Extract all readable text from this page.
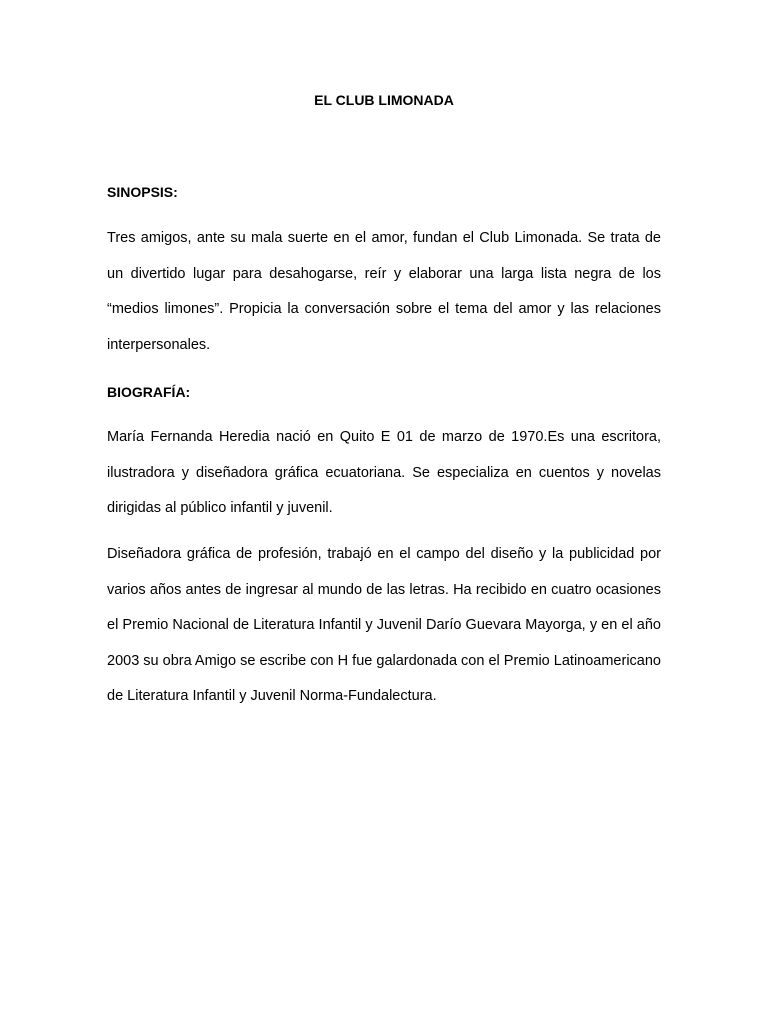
EL CLUB LIMONADA
SINOPSIS:

Tres amigos, ante su mala suerte en el amor, fundan el Club Limonada. Se trata de un divertido lugar para desahogarse, reír y elaborar una larga lista negra de los “medios limones”. Propicia la conversación sobre el tema del amor y las relaciones interpersonales.

BIOGRAFÍA:

María Fernanda Heredia nació en Quito E 01 de marzo de 1970.Es una escritora, ilustradora y diseñadora gráfica ecuatoriana. Se especializa en cuentos y novelas dirigidas al público infantil y juvenil.

Diseñadora gráfica de profesión, trabajó en el campo del diseño y la publicidad por varios años antes de ingresar al mundo de las letras. Ha recibido en cuatro ocasiones el Premio Nacional de Literatura Infantil y Juvenil Darío Guevara Mayorga, y en el año 2003 su obra Amigo se escribe con H fue galardonada con el Premio Latinoamericano de Literatura Infantil y Juvenil Norma-Fundalectura.
